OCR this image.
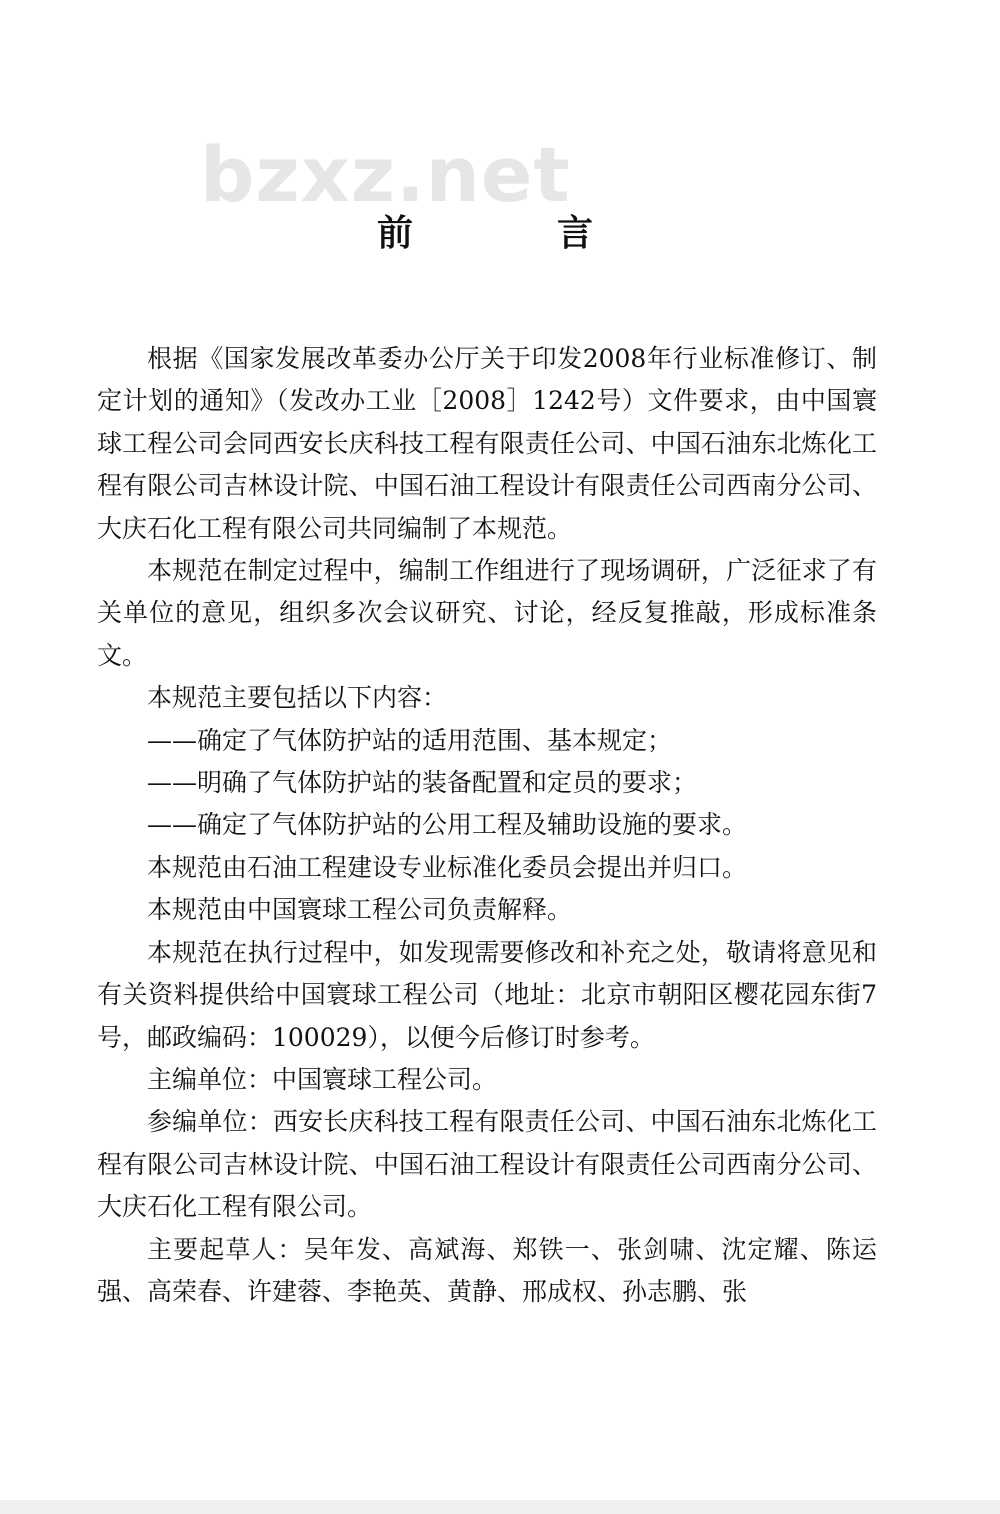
bzxz.net
前　言

根据《国家发展改革委办公厅关于印发2008年行业标准修订、制定计划的通知》（发改办工业［2008］1242号）文件要求，由中国寰球工程公司会同西安长庆科技工程有限责任公司、中国石油东北炼化工程有限公司吉林设计院、中国石油工程设计有限责任公司西南分公司、大庆石化工程有限公司共同编制了本规范。

本规范在制定过程中，编制工作组进行了现场调研，广泛征求了有关单位的意见，组织多次会议研究、讨论，经反复推敲，形成标准条文。

本规范主要包括以下内容：

——确定了气体防护站的适用范围、基本规定；

——明确了气体防护站的装备配置和定员的要求；

——确定了气体防护站的公用工程及辅助设施的要求。

本规范由石油工程建设专业标准化委员会提出并归口。

本规范由中国寰球工程公司负责解释。

本规范在执行过程中，如发现需要修改和补充之处，敬请将意见和有关资料提供给中国寰球工程公司（地址：北京市朝阳区樱花园东街7号，邮政编码：100029），以便今后修订时参考。

主编单位：中国寰球工程公司。

参编单位：西安长庆科技工程有限责任公司、中国石油东北炼化工程有限公司吉林设计院、中国石油工程设计有限责任公司西南分公司、大庆石化工程有限公司。

主要起草人：吴年发、高斌海、郑铁一、张剑啸、沈定耀、陈运强、高荣春、许建蓉、李艳英、黄静、邢成权、孙志鹏、张
